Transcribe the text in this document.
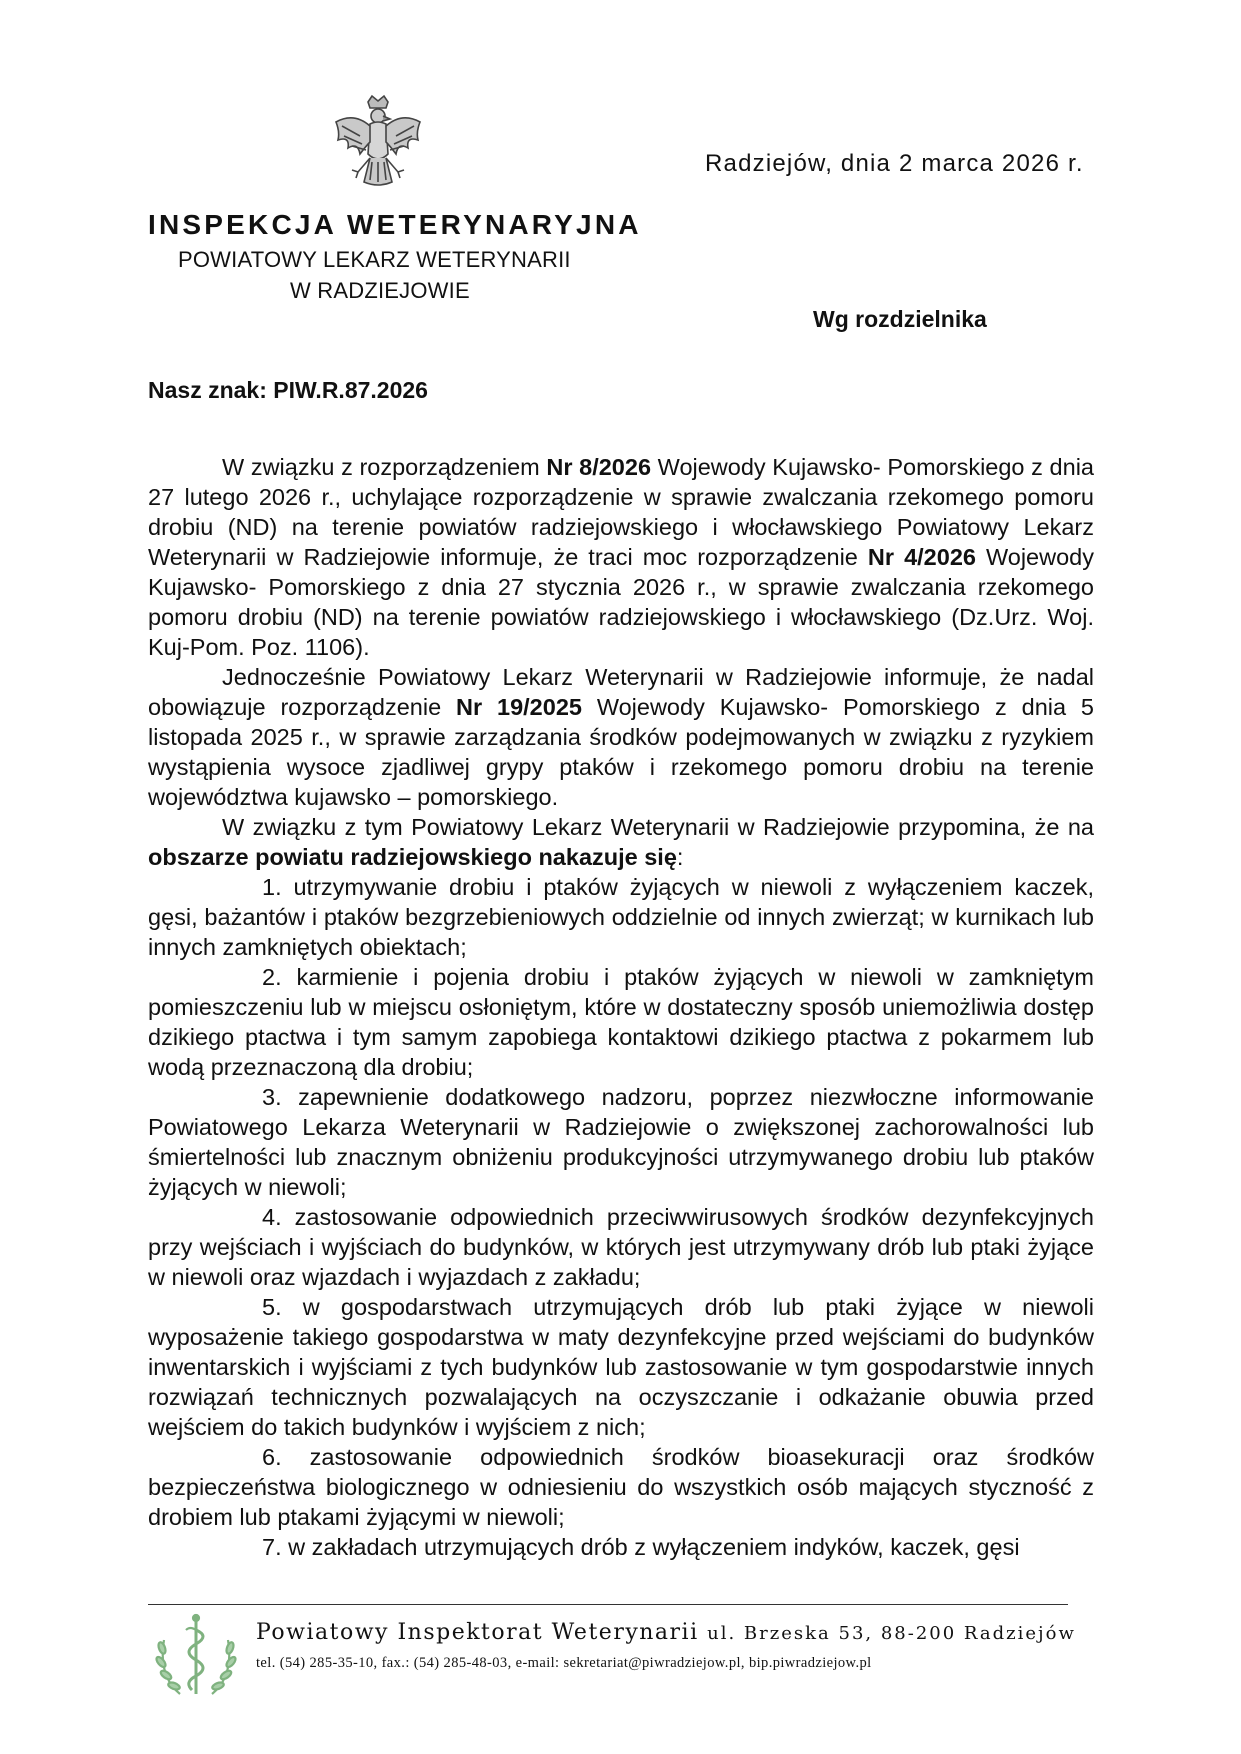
Radziejów, dnia 2 marca 2026 r.
INSPEKCJA WETERYNARYJNA
POWIATOWY LEKARZ WETERYNARII
W RADZIEJOWIE
Wg rozdzielnika
Nasz znak: PIW.R.87.2026

W związku z rozporządzeniem Nr 8/2026 Wojewody Kujawsko- Pomorskiego z dnia 27 lutego 2026 r., uchylające rozporządzenie w sprawie zwalczania rzekomego pomoru drobiu (ND) na terenie powiatów radziejowskiego i włocławskiego Powiatowy Lekarz Weterynarii w Radziejowie informuje, że traci moc rozporządzenie Nr 4/2026 Wojewody Kujawsko- Pomorskiego z dnia 27 stycznia 2026 r., w sprawie zwalczania rzekomego pomoru drobiu (ND) na terenie powiatów radziejowskiego i włocławskiego (Dz.Urz. Woj. Kuj-Pom. Poz. 1106).

Jednocześnie Powiatowy Lekarz Weterynarii w Radziejowie informuje, że nadal obowiązuje rozporządzenie Nr 19/2025 Wojewody Kujawsko- Pomorskiego z dnia 5 listopada 2025 r., w sprawie zarządzania środków podejmowanych w związku z ryzykiem wystąpienia wysoce zjadliwej grypy ptaków i rzekomego pomoru drobiu na terenie województwa kujawsko – pomorskiego.

W związku z tym Powiatowy Lekarz Weterynarii w Radziejowie przypomina, że na obszarze powiatu radziejowskiego nakazuje się:

1. utrzymywanie drobiu i ptaków żyjących w niewoli z wyłączeniem kaczek, gęsi, bażantów i ptaków bezgrzebieniowych oddzielnie od innych zwierząt; w kurnikach lub innych zamkniętych obiektach;

2. karmienie i pojenia drobiu i ptaków żyjących w niewoli w zamkniętym pomieszczeniu lub w miejscu osłoniętym, które w dostateczny sposób uniemożliwia dostęp dzikiego ptactwa i tym samym zapobiega kontaktowi dzikiego ptactwa z pokarmem lub wodą przeznaczoną dla drobiu;

3. zapewnienie dodatkowego nadzoru, poprzez niezwłoczne informowanie Powiatowego Lekarza Weterynarii w Radziejowie o zwiększonej zachorowalności lub śmiertelności lub znacznym obniżeniu produkcyjności utrzymywanego drobiu lub ptaków żyjących w niewoli;

4. zastosowanie odpowiednich przeciwwirusowych środków dezynfekcyjnych przy wejściach i wyjściach do budynków, w których jest utrzymywany drób lub ptaki żyjące w niewoli oraz wjazdach i wyjazdach z zakładu;

5. w gospodarstwach utrzymujących drób lub ptaki żyjące w niewoli wyposażenie takiego gospodarstwa w maty dezynfekcyjne przed wejściami do budynków inwentarskich i wyjściami z tych budynków lub zastosowanie w tym gospodarstwie innych rozwiązań technicznych pozwalających na oczyszczanie i odkażanie obuwia przed wejściem do takich budynków i wyjściem z nich;

6. zastosowanie odpowiednich środków bioasekuracji oraz środków bezpieczeństwa biologicznego w odniesieniu do wszystkich osób mających styczność z drobiem lub ptakami żyjącymi w niewoli;

7. w zakładach utrzymujących drób z wyłączeniem indyków, kaczek, gęsi

Powiatowy Inspektorat Weterynarii ul. Brzeska 53, 88-200 Radziejów
tel. (54) 285-35-10, fax.: (54) 285-48-03, e-mail: sekretariat@piwradziejow.pl, bip.piwradziejow.pl
